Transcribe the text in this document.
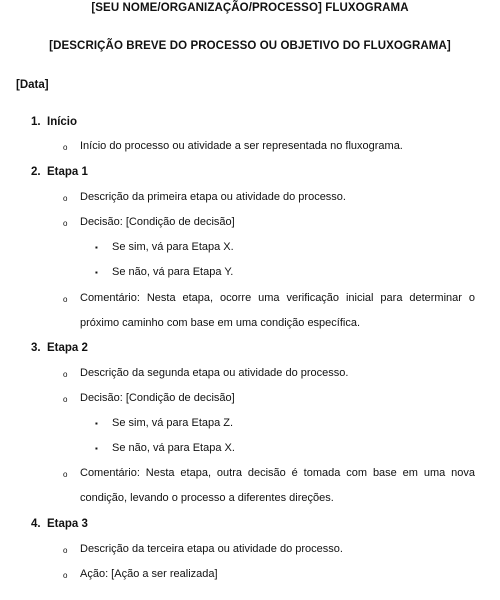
[SEU NOME/ORGANIZAÇÃO/PROCESSO] FLUXOGRAMA
[DESCRIÇÃO BREVE DO PROCESSO OU OBJETIVO DO FLUXOGRAMA]
[Data]
1. Início
o Início do processo ou atividade a ser representada no fluxograma.
2. Etapa 1
o Descrição da primeira etapa ou atividade do processo.
o Decisão: [Condição de decisão]
▪ Se sim, vá para Etapa X.
▪ Se não, vá para Etapa Y.
o Comentário: Nesta etapa, ocorre uma verificação inicial para determinar o
próximo caminho com base em uma condição específica.
3. Etapa 2
o Descrição da segunda etapa ou atividade do processo.
o Decisão: [Condição de decisão]
▪ Se sim, vá para Etapa Z.
▪ Se não, vá para Etapa X.
o Comentário: Nesta etapa, outra decisão é tomada com base em uma nova
condição, levando o processo a diferentes direções.
4. Etapa 3
o Descrição da terceira etapa ou atividade do processo.
o Ação: [Ação a ser realizada]
